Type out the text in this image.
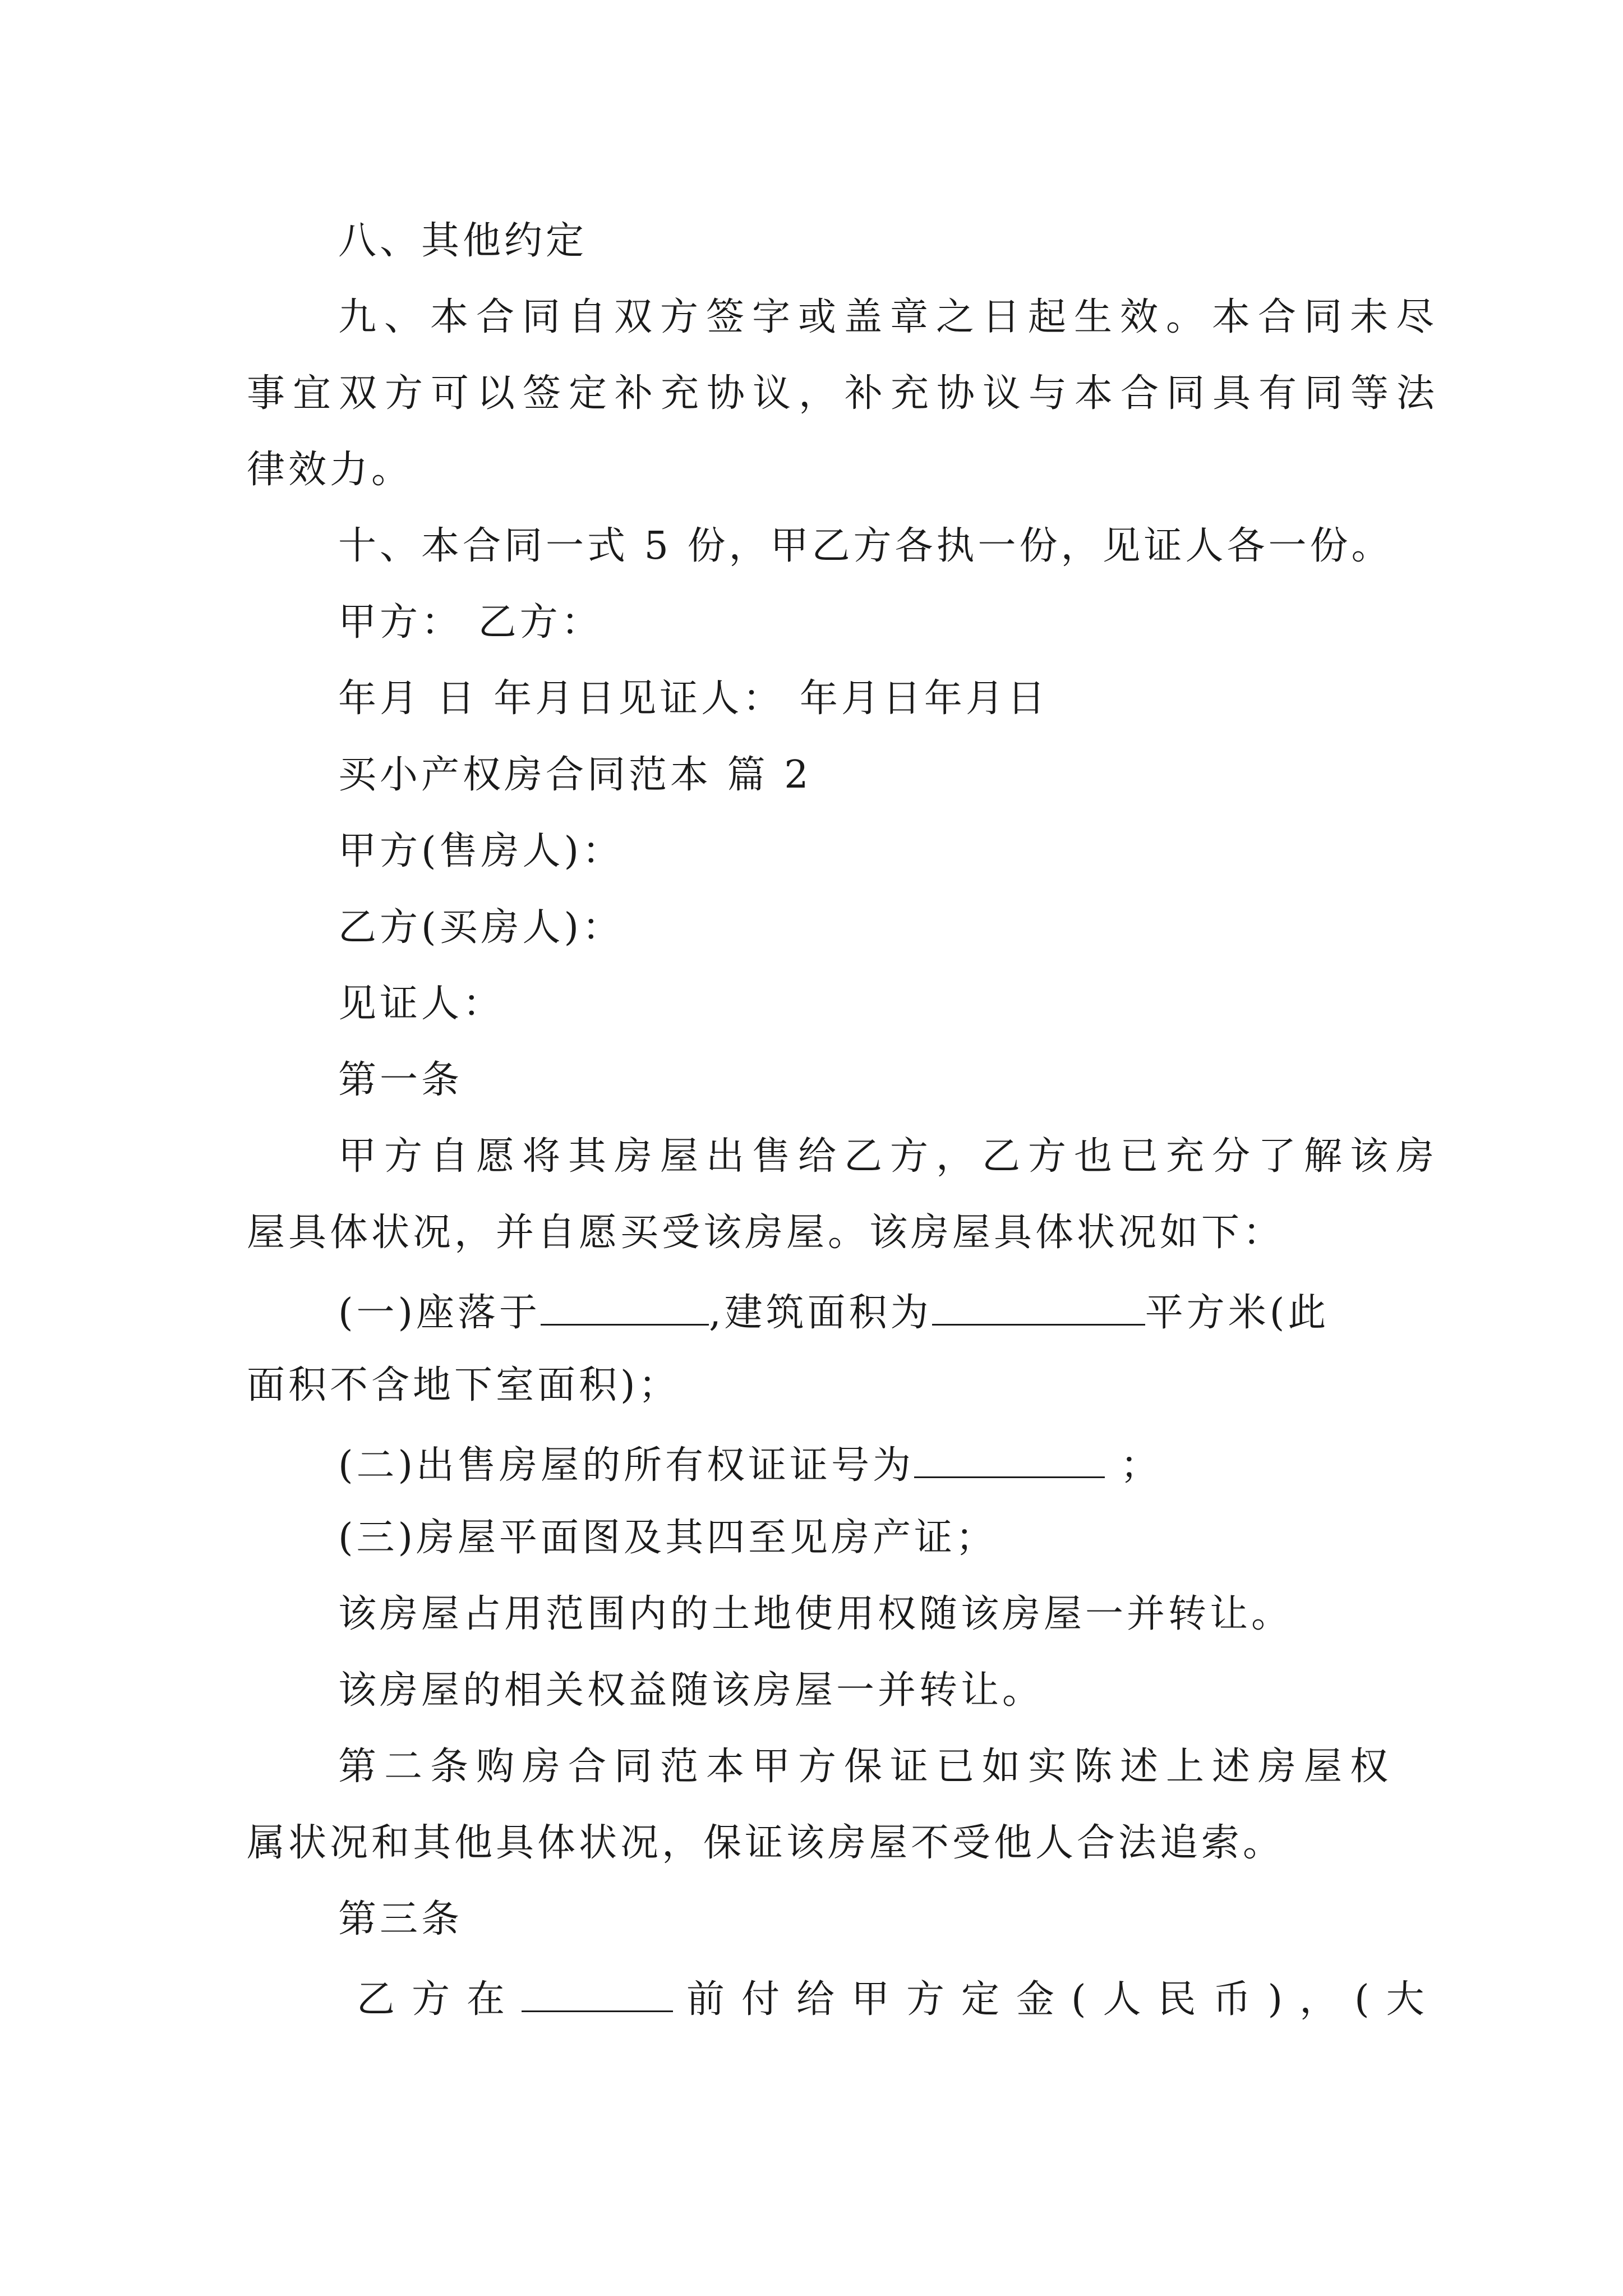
八、其他约定
九、本合同自双方签字或盖章之日起生效。本合同未尽
事宜双方可以签定补充协议，补充协议与本合同具有同等法
律效力。
十、本合同一式 5 份，甲乙方各执一份，见证人各一份。
甲方： 乙方：
年月 日 年月日见证人： 年月日年月日
买小产权房合同范本 篇 2
甲方(售房人)：
乙方(买房人)：
见证人：
第一条
甲方自愿将其房屋出售给乙方，乙方也已充分了解该房
屋具体状况，并自愿买受该房屋。该房屋具体状况如下：
(一)座落于	,建筑面积为	平方米(此
面积不含地下室面积)；
(二)出售房屋的所有权证证号为	；
(三)房屋平面图及其四至见房产证；
该房屋占用范围内的土地使用权随该房屋一并转让。
该房屋的相关权益随该房屋一并转让。
第二条购房合同范本甲方保证已如实陈述上述房屋权
属状况和其他具体状况，保证该房屋不受他人合法追索。
第三条
乙方在	前付给甲方定金(人民币)，(大
